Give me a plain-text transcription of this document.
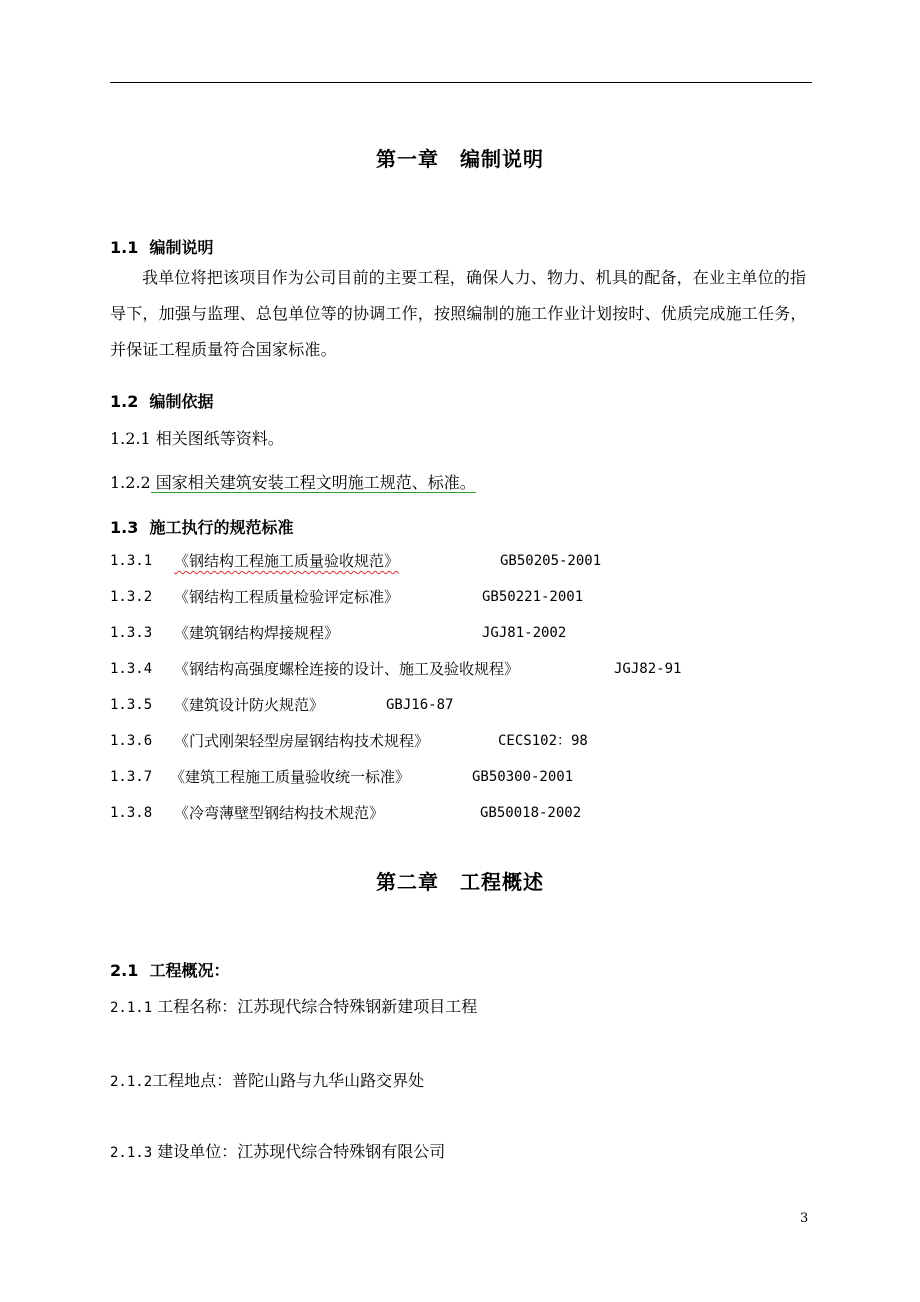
第一章　编制说明
1.1  编制说明
我单位将把该项目作为公司目前的主要工程，确保人力、物力、机具的配备，在业主单位的指导下，加强与监理、总包单位等的协调工作，按照编制的施工作业计划按时、优质完成施工任务，并保证工程质量符合国家标准。
1.2  编制依据
1.2.1 相关图纸等资料。
1.2.2 国家相关建筑安装工程文明施工规范、标准。
1.3  施工执行的规范标准
1.3.1 《钢结构工程施工质量验收规范》	GB50205-2001
1.3.2 《钢结构工程质量检验评定标准》	GB50221-2001
1.3.3 《建筑钢结构焊接规程》	JGJ81-2002
1.3.4 《钢结构高强度螺栓连接的设计、施工及验收规程》	JGJ82-91
1.3.5 《建筑设计防火规范》	GBJ16-87
1.3.6 《门式刚架轻型房屋钢结构技术规程》	CECS102：98
1.3.7 《建筑工程施工质量验收统一标准》	GB50300-2001
1.3.8 《冷弯薄壁型钢结构技术规范》	GB50018-2002
第二章　工程概述
2.1  工程概况：
2.1.1 工程名称：江苏现代综合特殊钢新建项目工程
2.1.2工程地点：普陀山路与九华山路交界处
2.1.3 建设单位：江苏现代综合特殊钢有限公司
3
